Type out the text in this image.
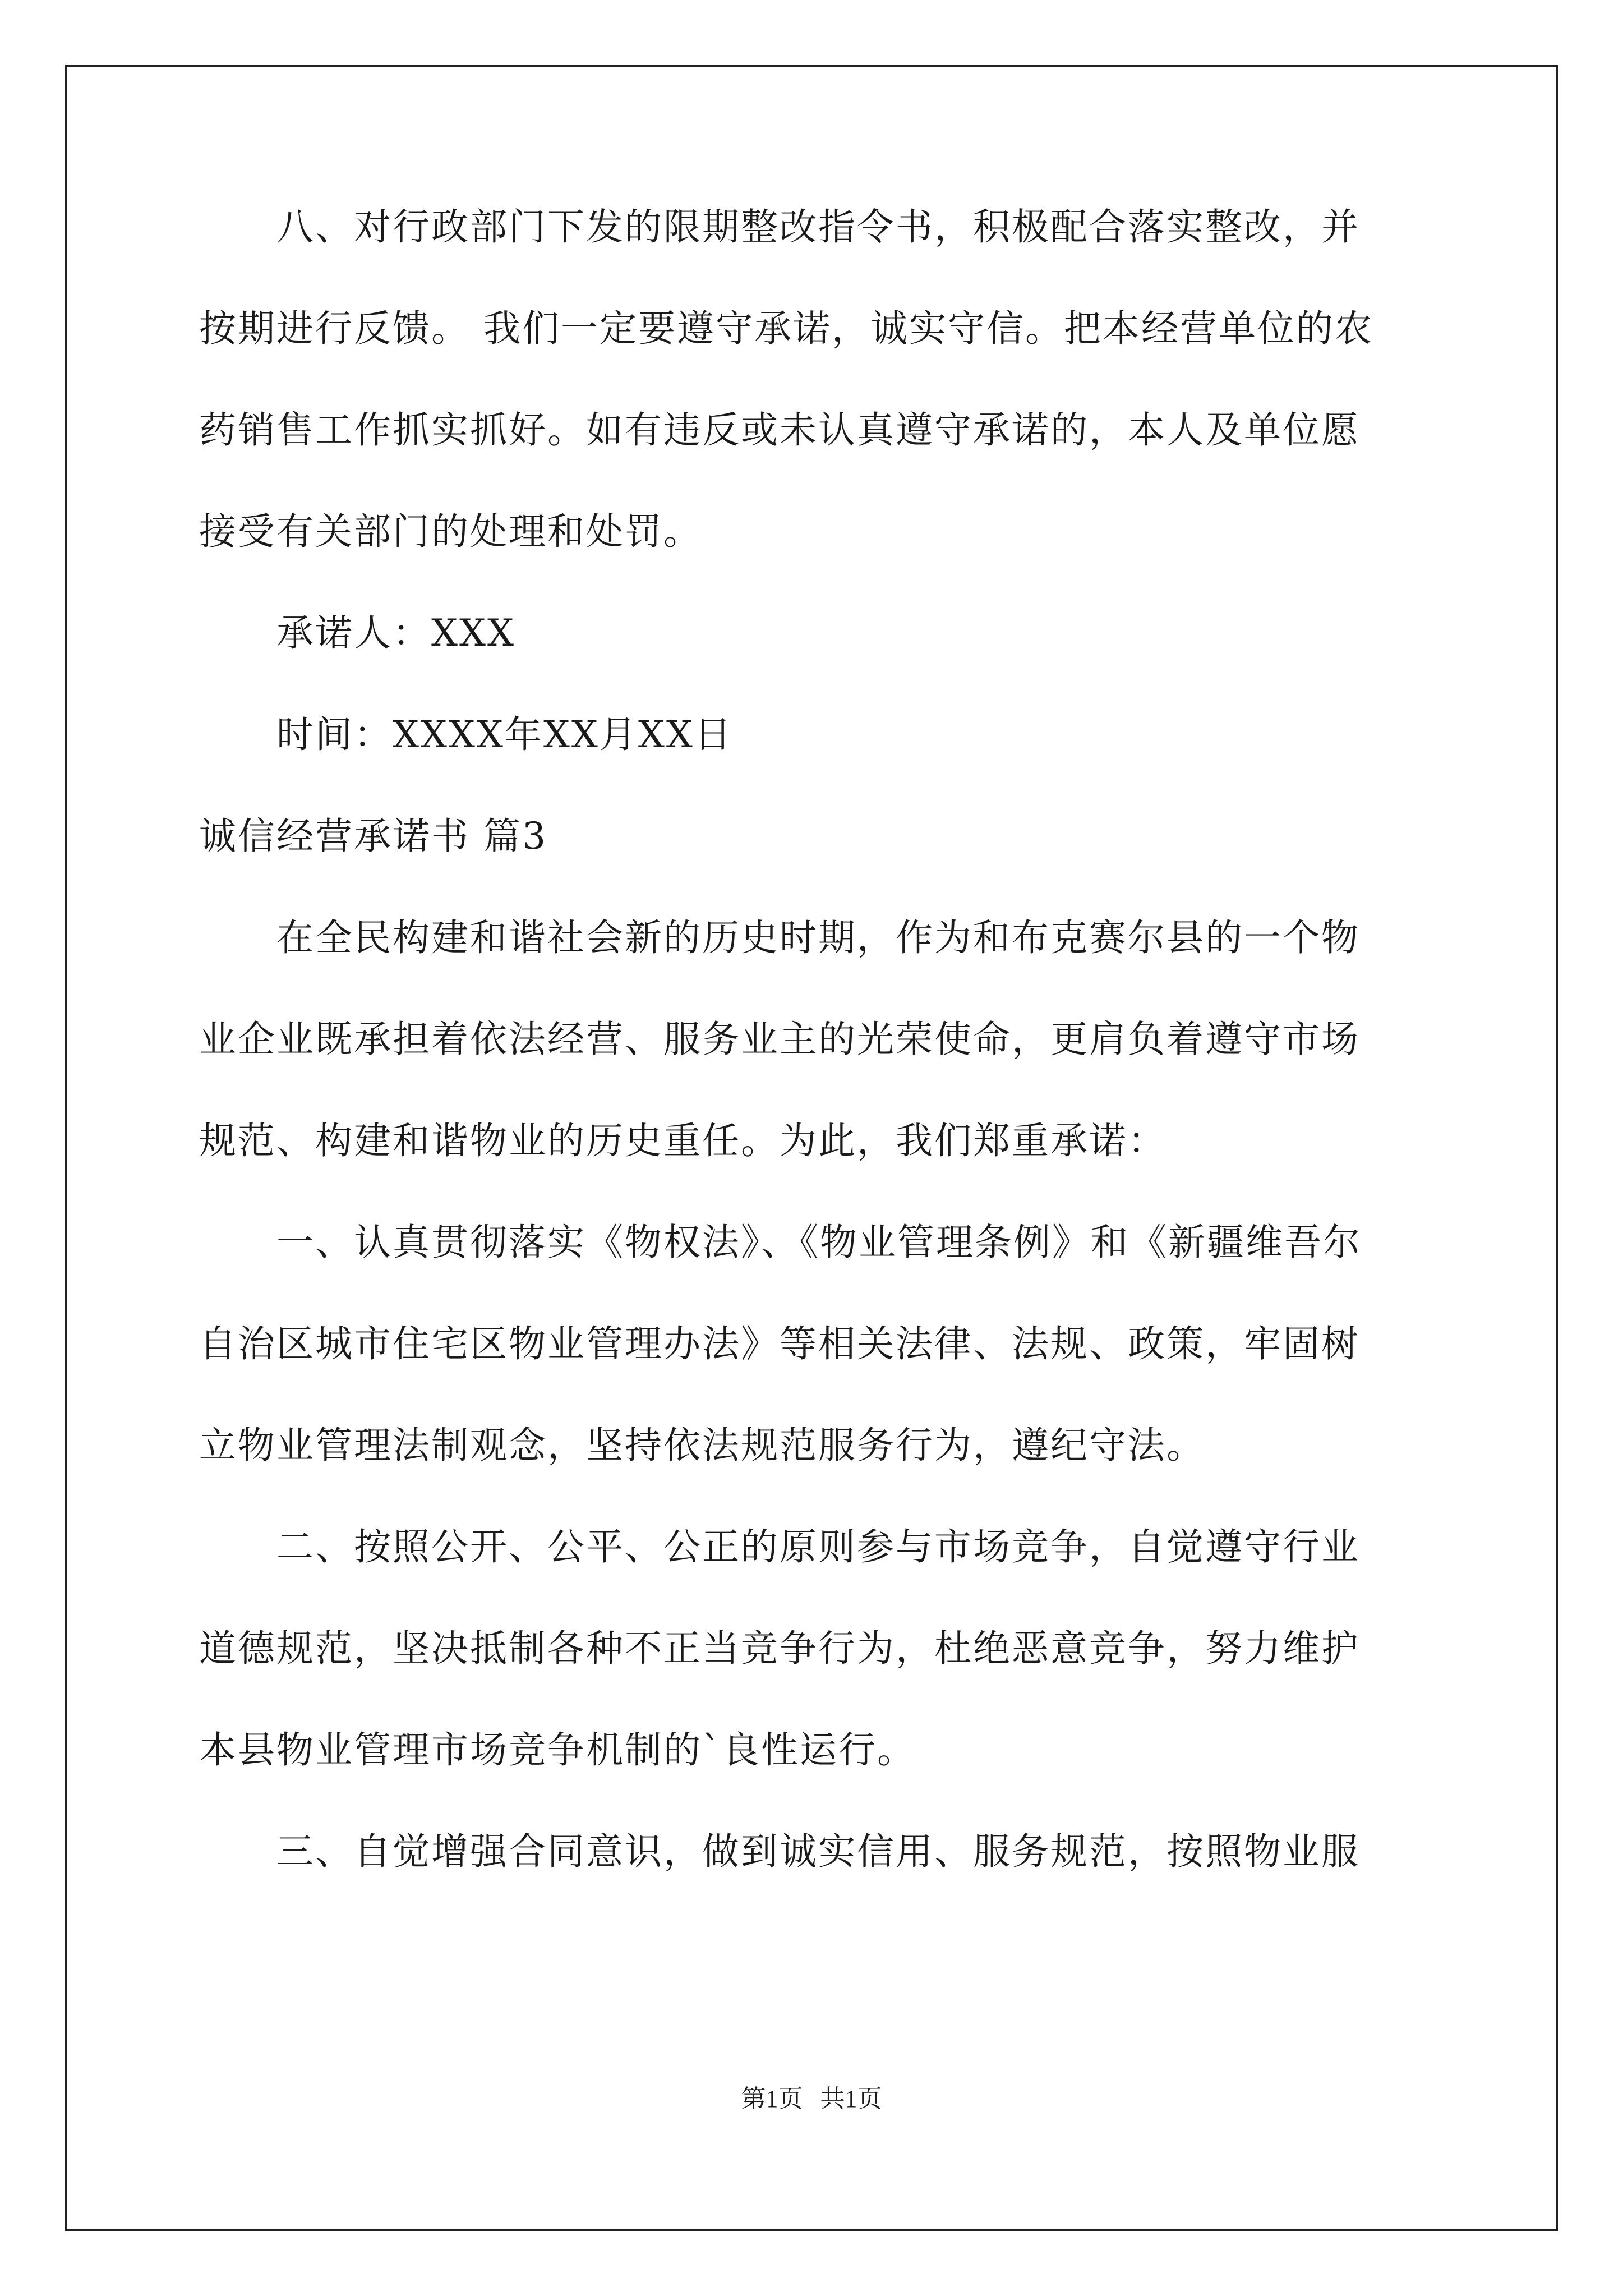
　　八、对行政部门下发的限期整改指令书，积极配合落实整改，并
按期进行反馈。 我们一定要遵守承诺，诚实守信。把本经营单位的农
药销售工作抓实抓好。如有违反或未认真遵守承诺的，本人及单位愿
接受有关部门的处理和处罚。
　　承诺人：XXX
　　时间：XXXX年XX月XX日
诚信经营承诺书 篇3
　　在全民构建和谐社会新的历史时期，作为和布克赛尔县的一个物
业企业既承担着依法经营、服务业主的光荣使命，更肩负着遵守市场
规范、构建和谐物业的历史重任。为此，我们郑重承诺：
　　一、认真贯彻落实《物权法》、《物业管理条例》和《新疆维吾尔
自治区城市住宅区物业管理办法》等相关法律、法规、政策，牢固树
立物业管理法制观念，坚持依法规范服务行为，遵纪守法。
　　二、按照公开、公平、公正的原则参与市场竞争，自觉遵守行业
道德规范，坚决抵制各种不正当竞争行为，杜绝恶意竞争，努力维护
本县物业管理市场竞争机制的`良性运行。
　　三、自觉增强合同意识，做到诚实信用、服务规范，按照物业服
第1页 共1页
